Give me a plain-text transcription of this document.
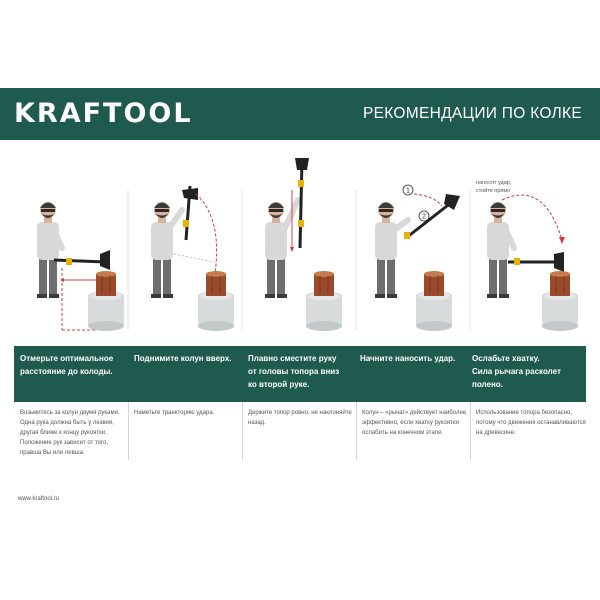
KRAFTOOL	РЕКОМЕНДАЦИИ ПО КОЛКЕ
1
2
наносят удар,
стойте прямо
Отмерьте оптимальное
расстояние до колоды.
Поднимите колун вверх. Плавно сместите руку
от головы топора вниз
ко второй руке.
Начните наносить удар. Ослабьте хватку.
Сила рычага расколет
полено.
Возьмитесь за колун двумя руками.
Одна рука должна быть у лезвия,
другая ближе к концу рукоятки.
Положение рук зависит от того,
правша Вы или левша.
Наметьте траекторию удара.	Держите топор ровно, не наклоняйте
назад.
Колун – «рычаг» действует наиболее
эффективно, если хватку рукоятки
ослабить на конечном этапе.
Использование топора безопасно,
потому что движения останавливаются
на древесине.
www.kraftool.ru
